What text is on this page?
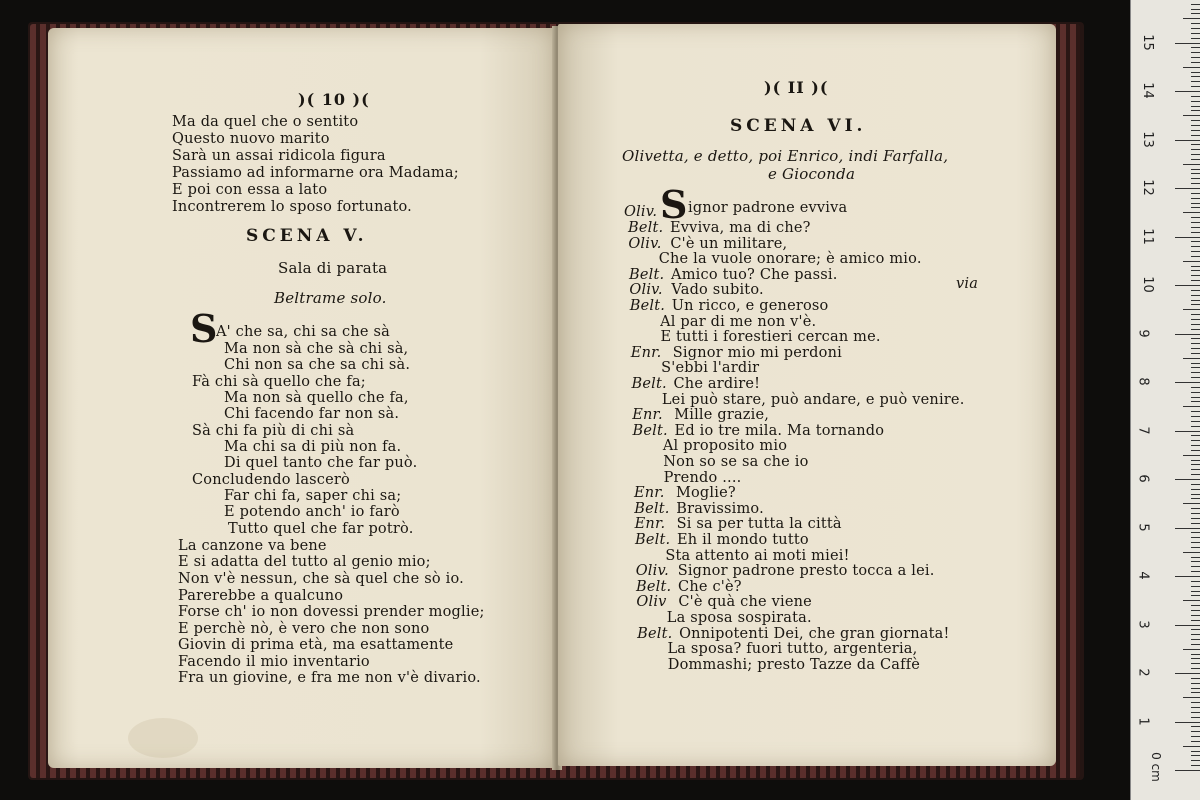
)( 10 )(
Ma da quel che o sentito
Questo nuovo marito
Sarà un assai ridicola figura
Passiamo ad informarne ora Madama;
E poi con essa a lato
Incontrerem lo sposo fortunato.
SCENA V.
Sala di parata
Beltrame solo.
S
A' che sa, chi sa che sà
Ma non sà che sà chi sà,
Chi non sa che sa chi sà.
Fà chi sà quello che fa;
Ma non sà quello che fa,
Chi facendo far non sà.
Sà chi fa più di chi sà
Ma chi sa di più non fa.
Di quel tanto che far può.
Concludendo lascerò
Far chi fa, saper chi sa;
E potendo anch' io farò
Tutto quel che far potrò.
La canzone va bene
E si adatta del tutto al genio mio;
Non v'è nessun, che sà quel che sò io.
Parerebbe a qualcuno
Forse ch' io non dovessi prender moglie;
E perchè nò, è vero che non sono
Giovin di prima età, ma esattamente
Facendo il mio inventario
Fra un giovine, e fra me non v'è divario.
)( II )(
SCENA VI.
Olivetta, e detto, poi Enrico, indi Farfalla,
e Gioconda
Oliv. S ignor padrone evviva
via
Belt. Evviva, ma di che?
Oliv. C'è un militare,
Che la vuole onorare; è amico mio.
Belt. Amico tuo? Che passi.
Oliv. Vado subito.
Belt. Un ricco, e generoso
Al par di me non v'è.
E tutti i forestieri cercan me.
Enr. Signor mio mi perdoni
S'ebbi l'ardir
Belt. Che ardire!
Lei può stare, può andare, e può venire.
Enr. Mille grazie,
Belt. Ed io tre mila. Ma tornando
Al proposito mio
Non so se sa che io
Prendo ....
Enr. Moglie?
Belt. Bravissimo.
Enr. Si sa per tutta la città
Belt. Eh il mondo tutto
Sta attento ai moti miei!
Oliv. Signor padrone presto tocca a lei.
Belt. Che c'è?
Oliv C'è quà che viene
La sposa sospirata.
Belt. Onnipotenti Dei, che gran giornata!
La sposa? fuori tutto, argenteria,
Dommashi; presto Tazze da Caffè
0 cm
1
2
3
4
5
6
7
8
9
10
11
12
13
14
15
